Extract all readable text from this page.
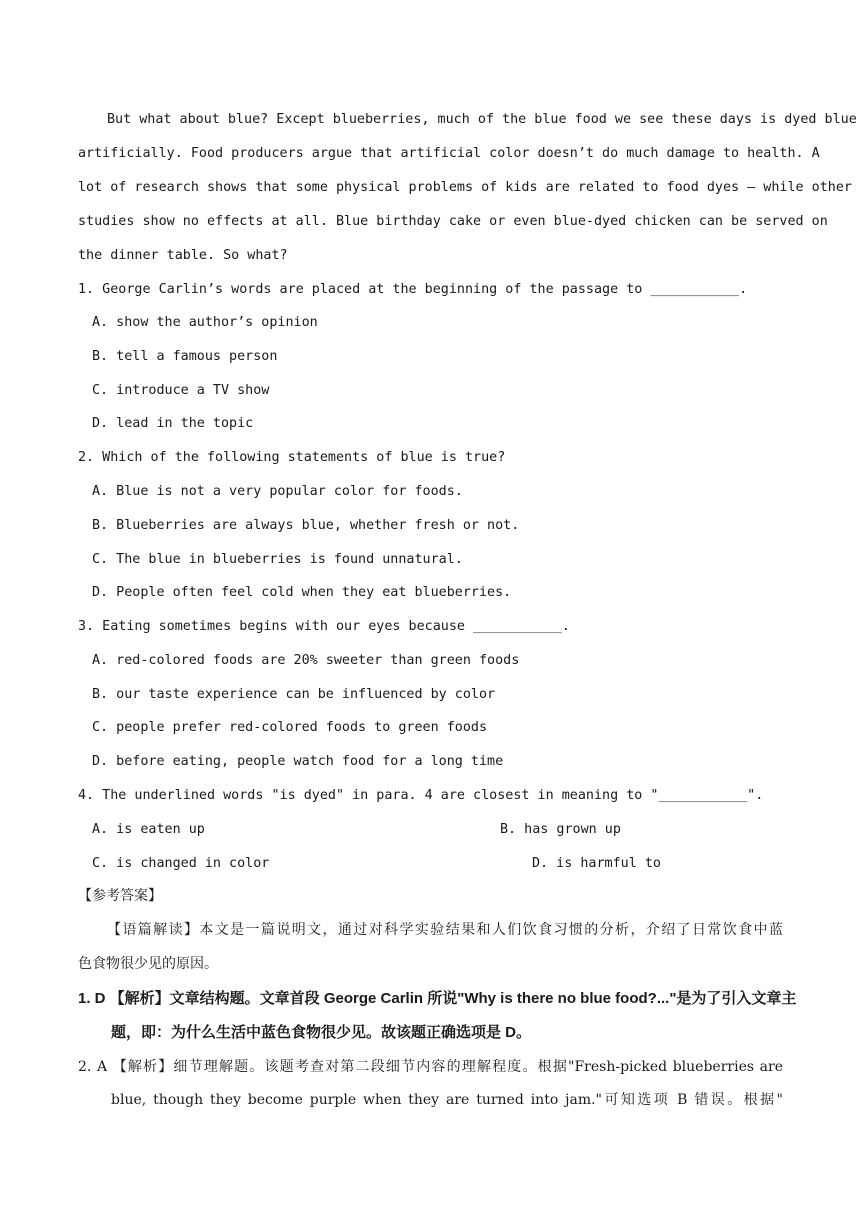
But what about blue? Except blueberries, much of the blue food we see these days is dyed blue
artificially. Food producers argue that artificial color doesn’t do much damage to health. A
lot of research shows that some physical problems of kids are related to food dyes — while other
studies show no effects at all. Blue birthday cake or even blue-dyed chicken can be served on
the dinner table. So what?
1. George Carlin’s words are placed at the beginning of the passage to ___________.
A. show the author’s opinion
B. tell a famous person
C. introduce a TV show
D. lead in the topic
2. Which of the following statements of blue is true?
A. Blue is not a very popular color for foods.
B. Blueberries are always blue, whether fresh or not.
C. The blue in blueberries is found unnatural.
D. People often feel cold when they eat blueberries.
3. Eating sometimes begins with our eyes because ___________.
A. red-colored foods are 20% sweeter than green foods
B. our taste experience can be influenced by color
C. people prefer red-colored foods to green foods
D. before eating, people watch food for a long time
4. The underlined words "is dyed" in para. 4 are closest in meaning to "___________".
A. is eaten up	B. has grown up
C. is changed in color	D. is harmful to
【参考答案】
【语篇解读】本文是一篇说明文，通过对科学实验结果和人们饮食习惯的分析，介绍了日常饮食中蓝
色食物很少见的原因。
1. D 【解析】文章结构题。文章首段 George Carlin 所说"Why is there no blue food?..."是为了引入文章主
题，即：为什么生活中蓝色食物很少见。故该题正确选项是 D。
2. A 【解析】细节理解题。该题考查对第二段细节内容的理解程度。根据"Fresh-picked blueberries are
blue, though they become purple when they are turned into jam."可知选项 B 错误。根据"
